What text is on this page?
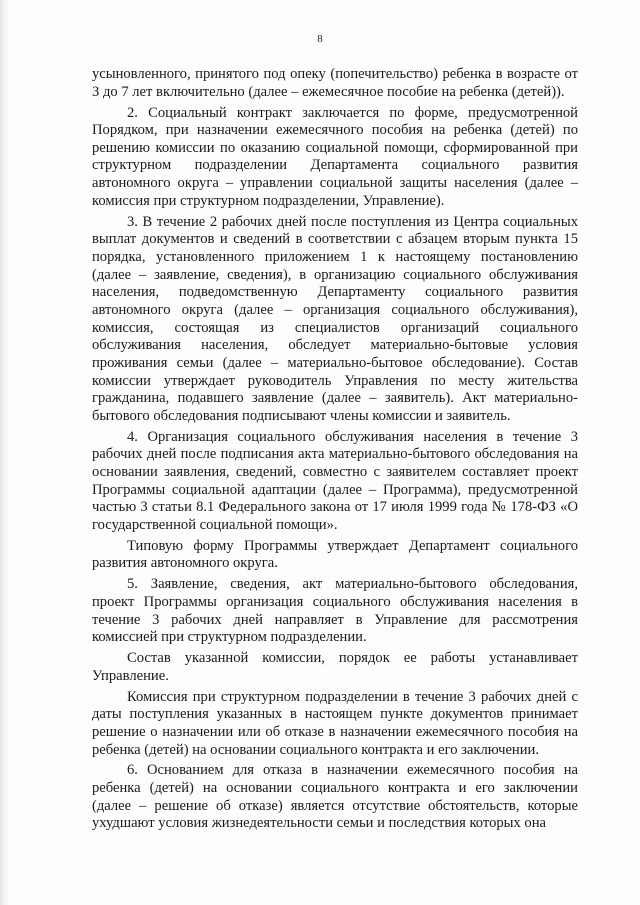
8

усыновленного, принятого под опеку (попечительство) ребенка в возрасте от 3 до 7 лет включительно (далее – ежемесячное пособие на ребенка (детей)).

2. Социальный контракт заключается по форме, предусмотренной Порядком, при назначении ежемесячного пособия на ребенка (детей) по решению комиссии по оказанию социальной помощи, сформированной при структурном подразделении Департамента социального развития автономного округа – управлении социальной защиты населения (далее – комиссия при структурном подразделении, Управление).

3. В течение 2 рабочих дней после поступления из Центра социальных выплат документов и сведений в соответствии с абзацем вторым пункта 15 порядка, установленного приложением 1 к настоящему постановлению (далее – заявление, сведения), в организацию социального обслуживания населения, подведомственную Департаменту социального развития автономного округа (далее – организация социального обслуживания), комиссия, состоящая из специалистов организаций социального обслуживания населения, обследует материально-бытовые условия проживания семьи (далее – материально-бытовое обследование). Состав комиссии утверждает руководитель Управления по месту жительства гражданина, подавшего заявление (далее – заявитель). Акт материально-бытового обследования подписывают члены комиссии и заявитель.

4. Организация социального обслуживания населения в течение 3 рабочих дней после подписания акта материально-бытового обследования на основании заявления, сведений, совместно с заявителем составляет проект Программы социальной адаптации (далее – Программа), предусмотренной частью 3 статьи 8.1 Федерального закона от 17 июля 1999 года № 178-ФЗ «О государственной социальной помощи».

Типовую форму Программы утверждает Департамент социального развития автономного округа.

5. Заявление, сведения, акт материально-бытового обследования, проект Программы организация социального обслуживания населения в течение 3 рабочих дней направляет в Управление для рассмотрения комиссией при структурном подразделении.

Состав указанной комиссии, порядок ее работы устанавливает Управление.

Комиссия при структурном подразделении в течение 3 рабочих дней с даты поступления указанных в настоящем пункте документов принимает решение о назначении или об отказе в назначении ежемесячного пособия на ребенка (детей) на основании социального контракта и его заключении.

6. Основанием для отказа в назначении ежемесячного пособия на ребенка (детей) на основании социального контракта и его заключении (далее – решение об отказе) является отсутствие обстоятельств, которые ухудшают условия жизнедеятельности семьи и последствия которых она
